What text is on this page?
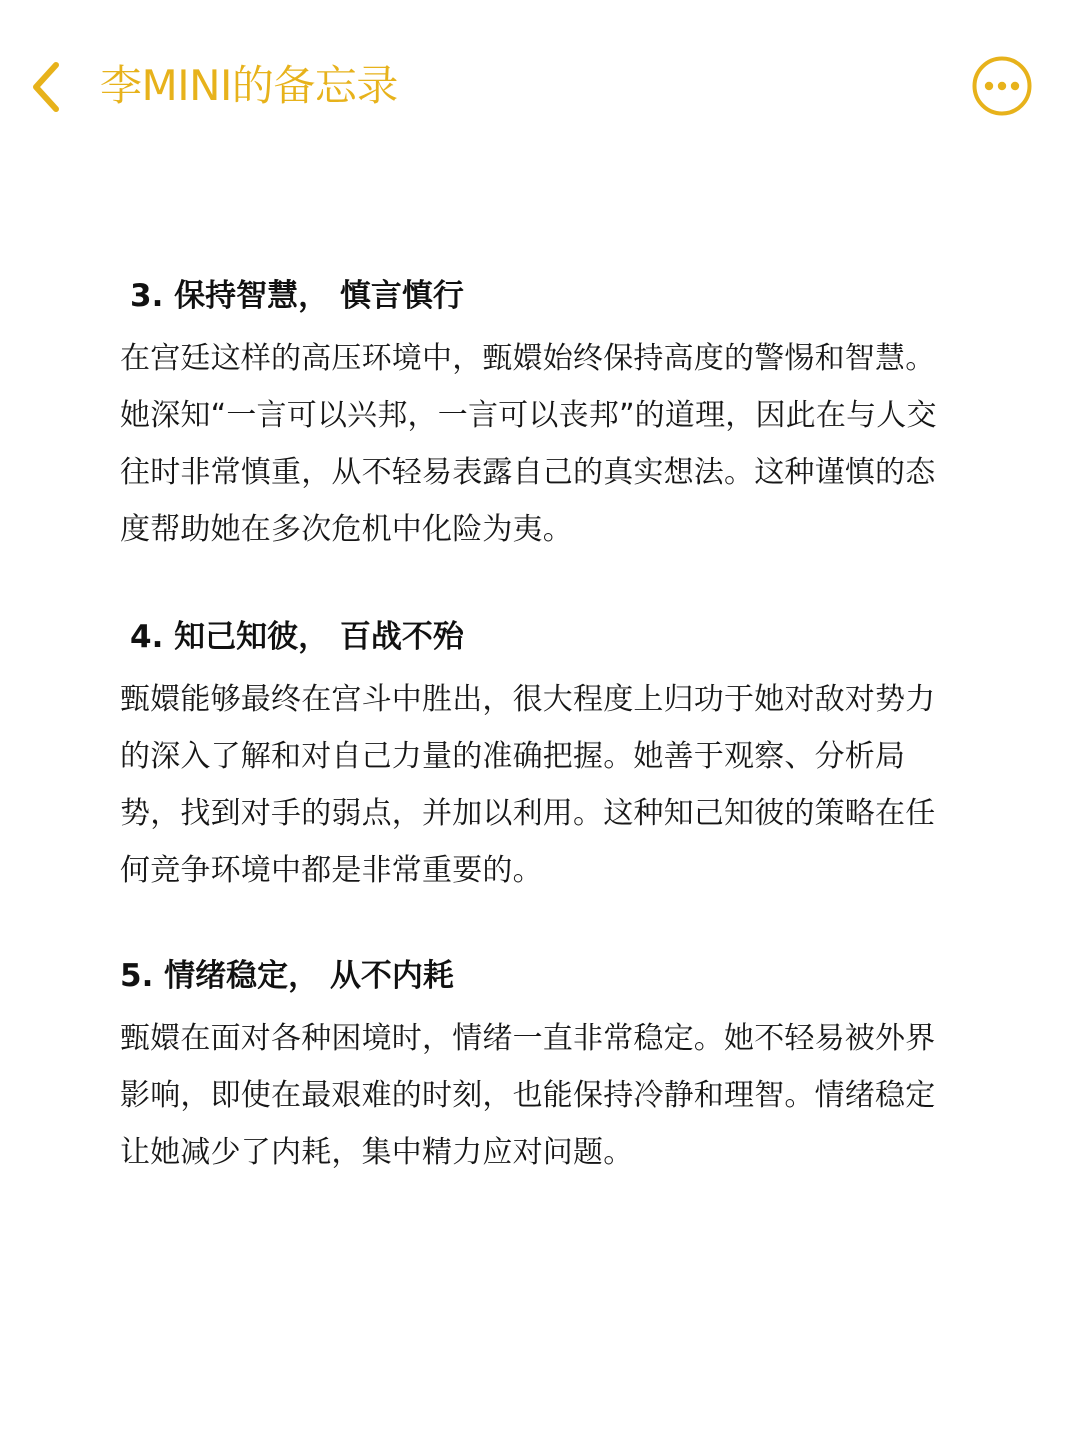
李MINI的备忘录
3. 保持智慧， 慎言慎行
在宫廷这样的高压环境中，甄嬛始终保持高度的警惕和智慧。她深知“一言可以兴邦，一言可以丧邦”的道理，因此在与人交往时非常慎重，从不轻易表露自己的真实想法。这种谨慎的态度帮助她在多次危机中化险为夷。
4. 知己知彼， 百战不殆
甄嬛能够最终在宫斗中胜出，很大程度上归功于她对敌对势力的深入了解和对自己力量的准确把握。她善于观察、分析局势，找到对手的弱点，并加以利用。这种知己知彼的策略在任何竞争环境中都是非常重要的。
5. 情绪稳定， 从不内耗
甄嬛在面对各种困境时，情绪一直非常稳定。她不轻易被外界影响，即使在最艰难的时刻，也能保持冷静和理智。情绪稳定让她减少了内耗，集中精力应对问题。
